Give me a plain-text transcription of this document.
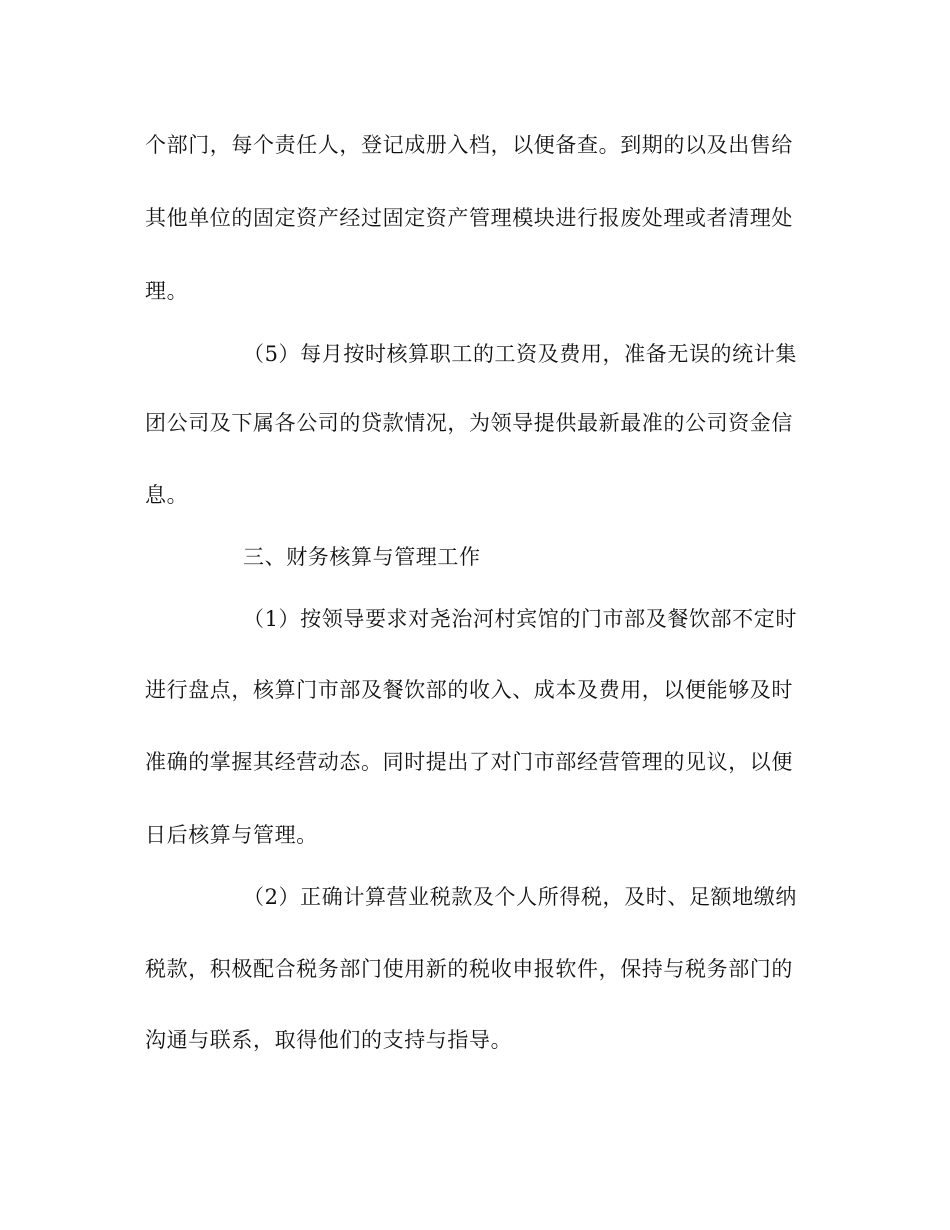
个部门，每个责任人，登记成册入档，以便备查。到期的以及出售给
其他单位的固定资产经过固定资产管理模块进行报废处理或者清理处
理。
（5）每月按时核算职工的工资及费用，准备无误的统计集
团公司及下属各公司的贷款情况，为领导提供最新最准的公司资金信
息。
三、财务核算与管理工作
（1）按领导要求对尧治河村宾馆的门市部及餐饮部不定时
进行盘点，核算门市部及餐饮部的收入、成本及费用，以便能够及时
准确的掌握其经营动态。同时提出了对门市部经营管理的见议，以便
日后核算与管理。
（2）正确计算营业税款及个人所得税，及时、足额地缴纳
税款，积极配合税务部门使用新的税收申报软件，保持与税务部门的
沟通与联系，取得他们的支持与指导。
